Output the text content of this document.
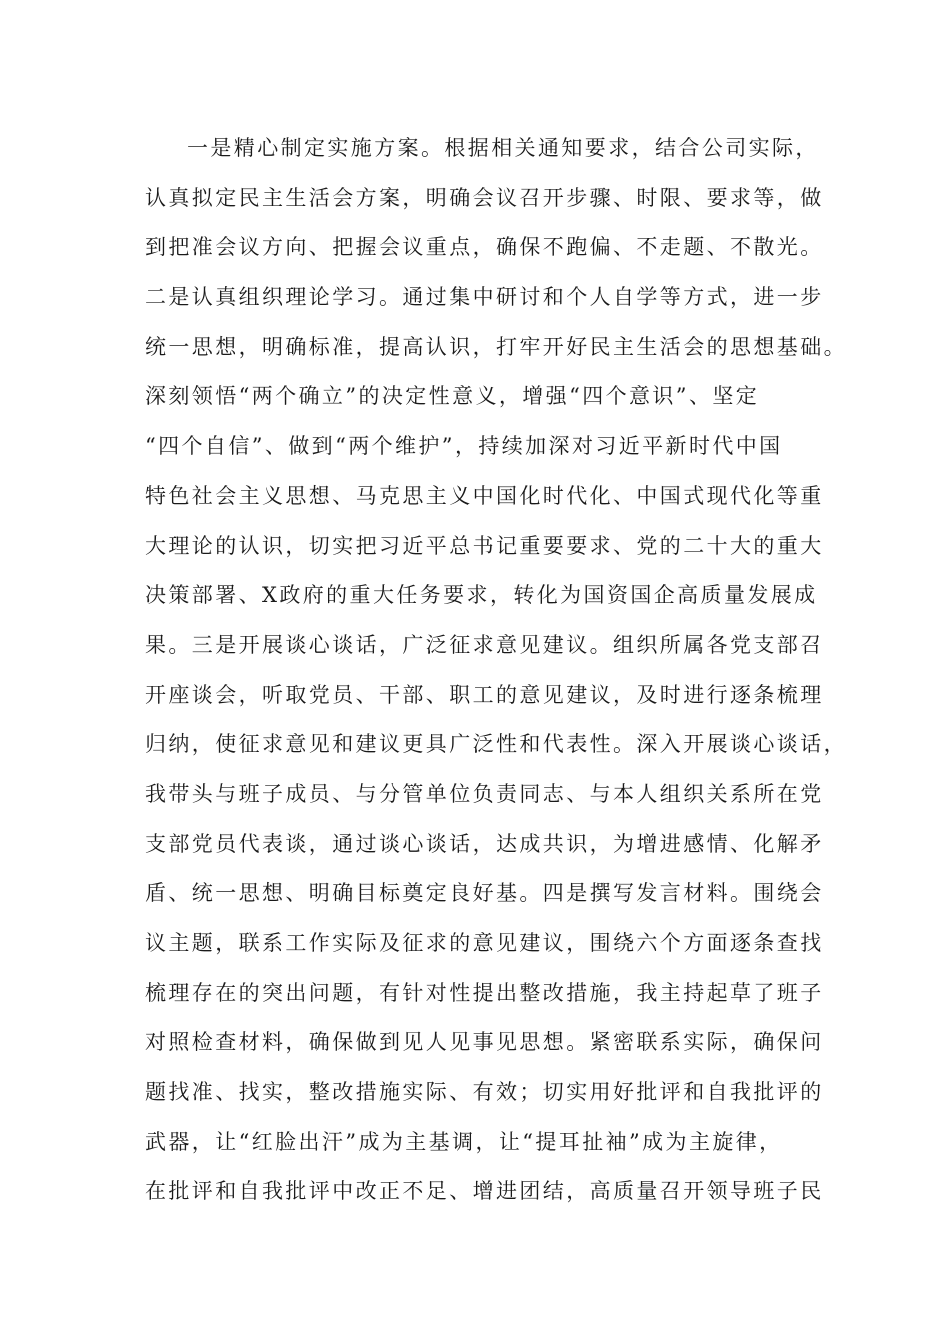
一是精心制定实施方案。根据相关通知要求，结合公司实际，
认真拟定民主生活会方案，明确会议召开步骤、时限、要求等，做
到把准会议方向、把握会议重点，确保不跑偏、不走题、不散光。
二是认真组织理论学习。通过集中研讨和个人自学等方式，进一步
统一思想，明确标准，提高认识，打牢开好民主生活会的思想基础。
深刻领悟“两个确立”的决定性意义，增强“四个意识”、坚定
“四个自信”、做到“两个维护”，持续加深对习近平新时代中国
特色社会主义思想、马克思主义中国化时代化、中国式现代化等重
大理论的认识，切实把习近平总书记重要要求、党的二十大的重大
决策部署、X政府的重大任务要求，转化为国资国企高质量发展成
果。三是开展谈心谈话，广泛征求意见建议。组织所属各党支部召
开座谈会，听取党员、干部、职工的意见建议，及时进行逐条梳理
归纳，使征求意见和建议更具广泛性和代表性。深入开展谈心谈话，
我带头与班子成员、与分管单位负责同志、与本人组织关系所在党
支部党员代表谈，通过谈心谈话，达成共识，为增进感情、化解矛
盾、统一思想、明确目标奠定良好基。四是撰写发言材料。围绕会
议主题，联系工作实际及征求的意见建议，围绕六个方面逐条查找
梳理存在的突出问题，有针对性提出整改措施，我主持起草了班子
对照检查材料，确保做到见人见事见思想。紧密联系实际，确保问
题找准、找实，整改措施实际、有效；切实用好批评和自我批评的
武器，让“红脸出汗”成为主基调，让“提耳扯袖”成为主旋律，
在批评和自我批评中改正不足、增进团结，高质量召开领导班子民
